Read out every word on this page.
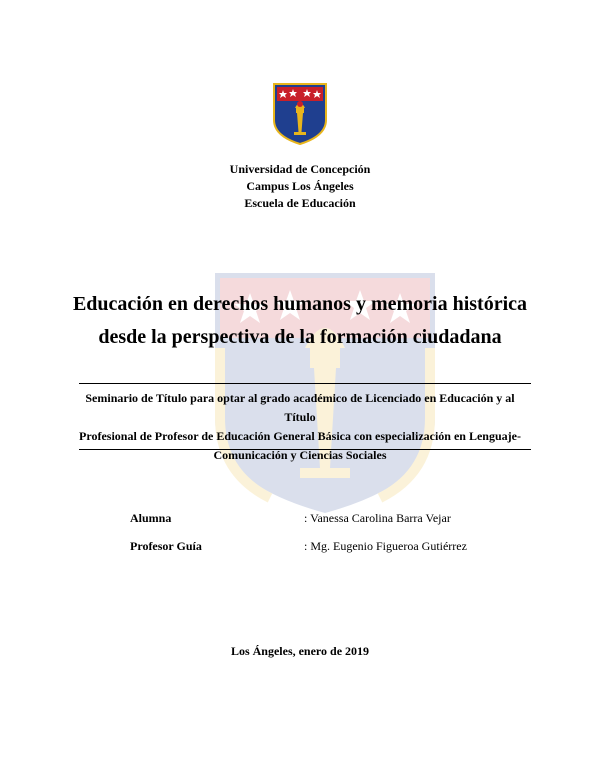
Universidad de Concepción
Campus Los Ángeles
Escuela de Educación
Educación en derechos humanos y memoria histórica
desde la perspectiva de la formación ciudadana
Seminario de Título para optar al grado académico de Licenciado en Educación y al Título
Profesional de Profesor de Educación General Básica con especialización en Lenguaje-
Comunicación y Ciencias Sociales
Alumna	: Vanessa Carolina Barra Vejar
Profesor Guía	: Mg. Eugenio Figueroa Gutiérrez
Los Ángeles, enero de 2019
